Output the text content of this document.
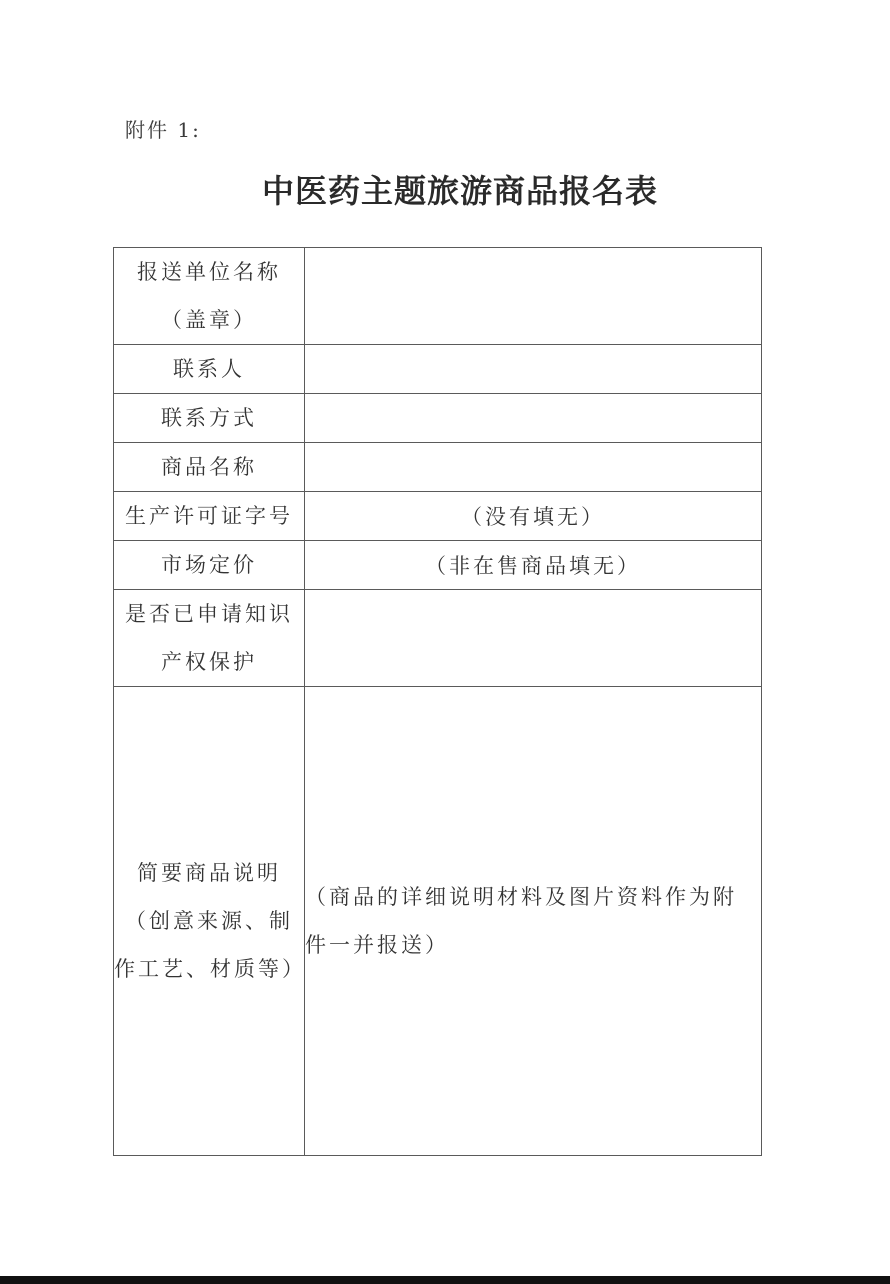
附件 1:
中医药主题旅游商品报名表
报送单位名称
（盖章）	

联系人	

联系方式	

商品名称	

生产许可证字号	（没有填无）

市场定价	（非在售商品填无）

是否已申请知识
产权保护	

简要商品说明
（创意来源、制
作工艺、材质等）	（商品的详细说明材料及图片资料作为附
件一并报送）
